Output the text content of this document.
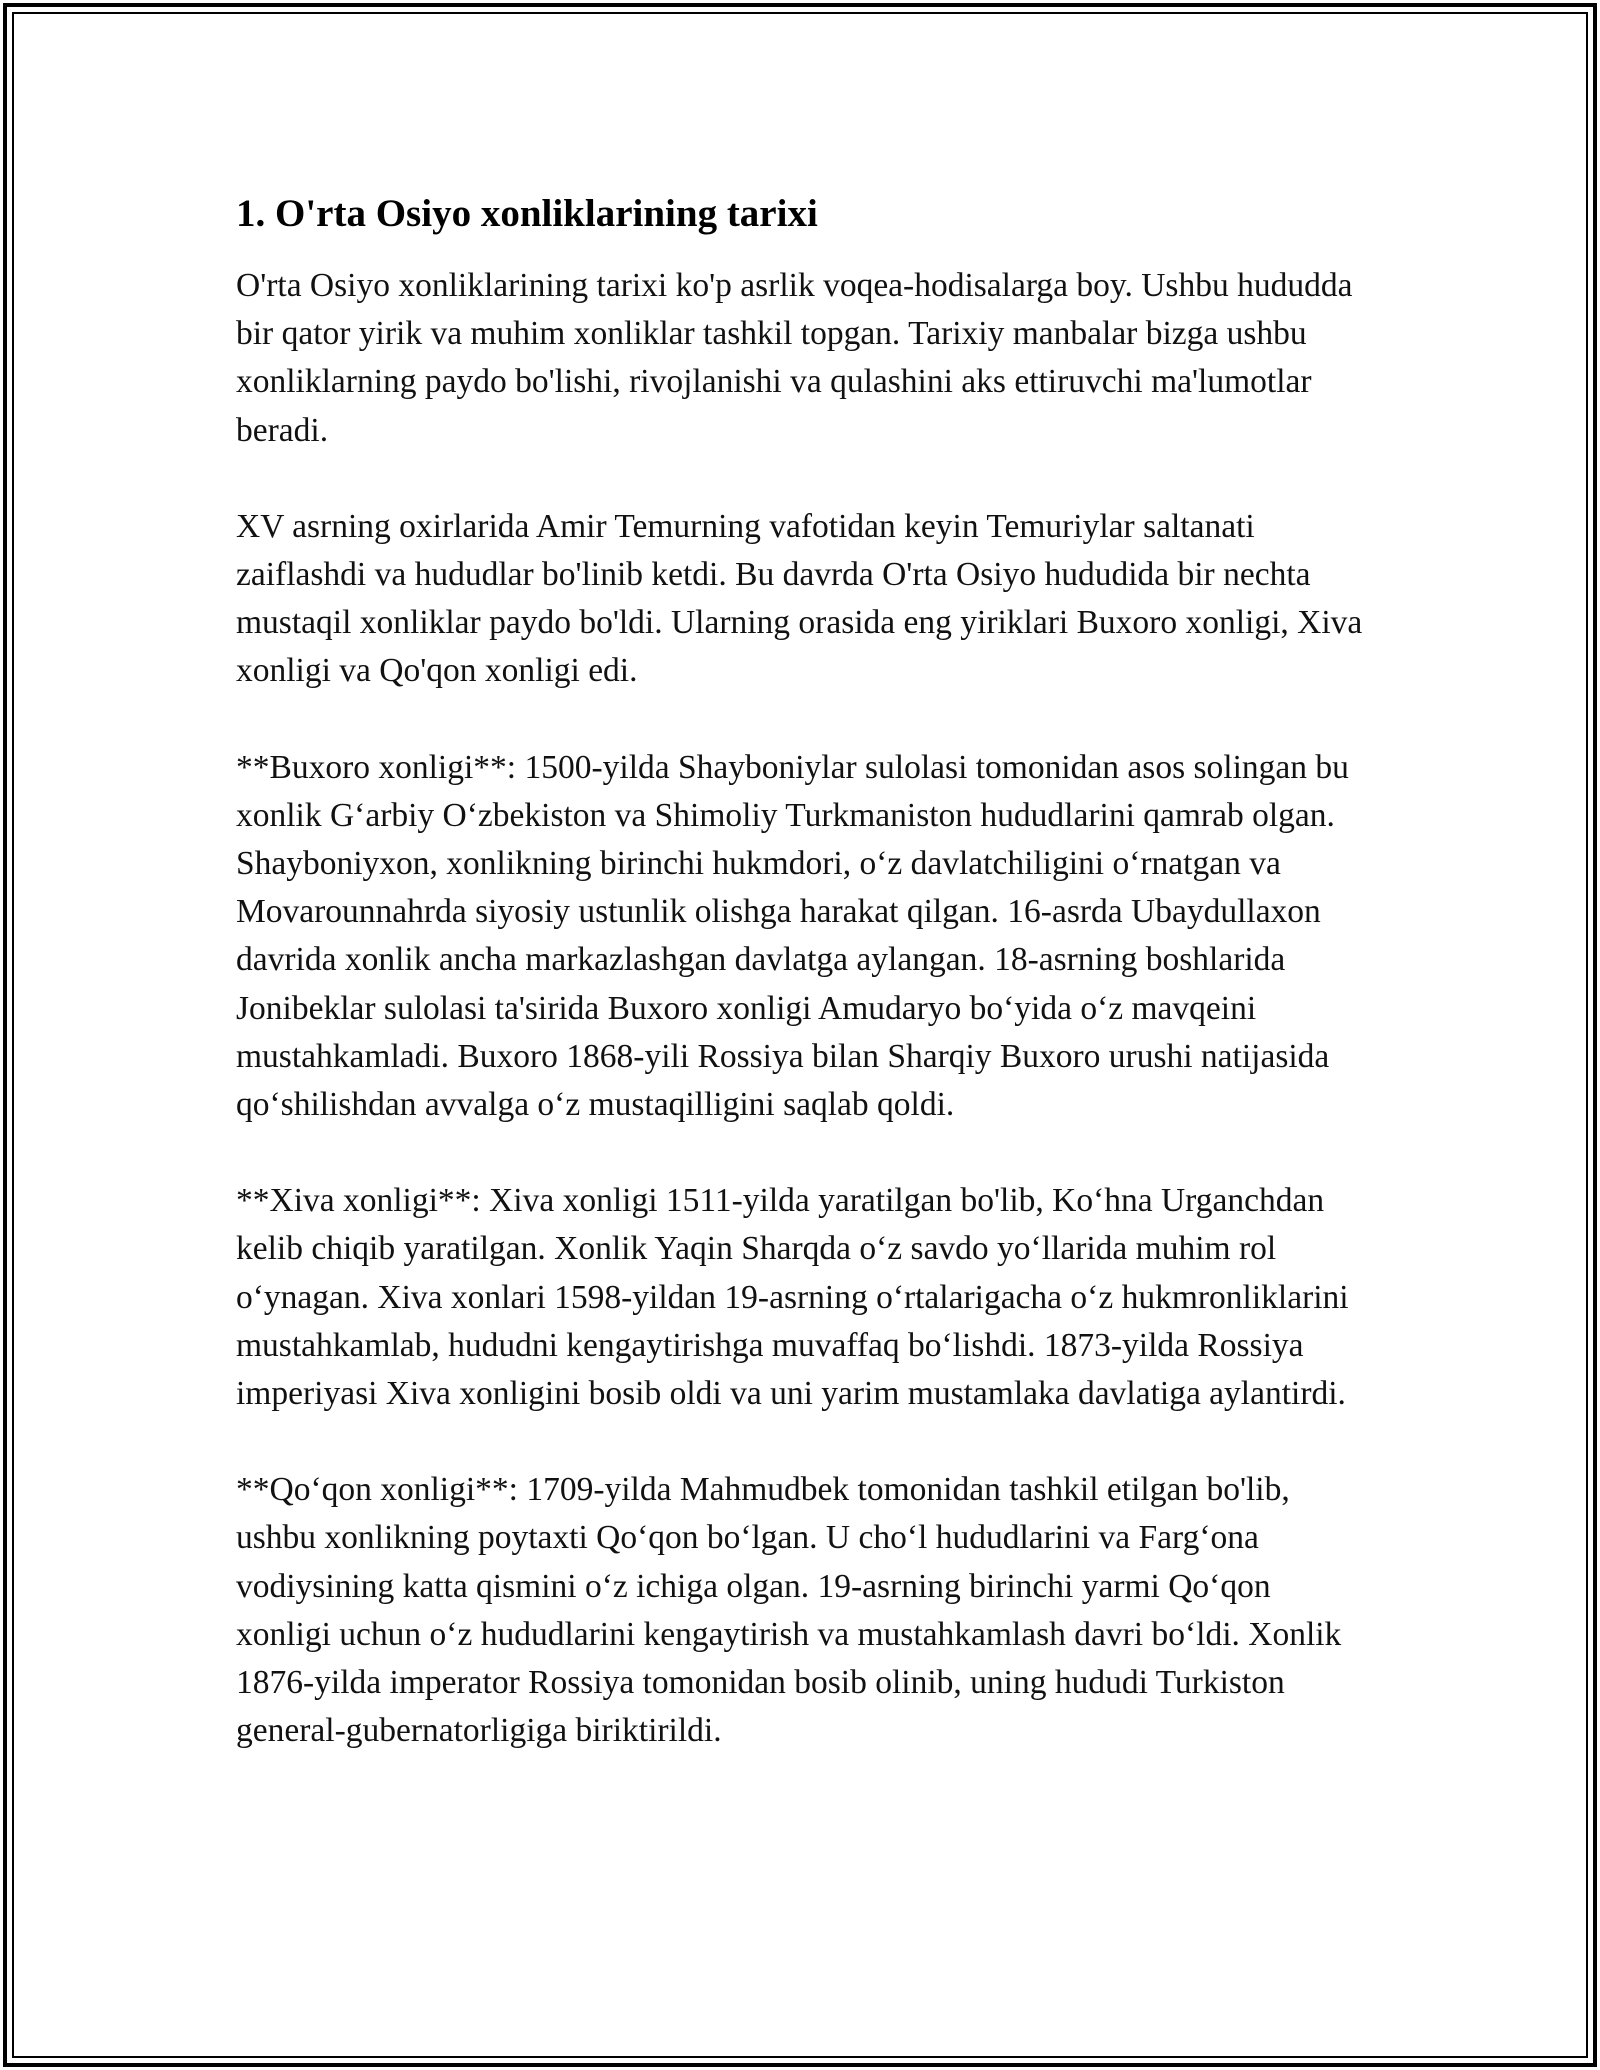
1. O'rta Osiyo xonliklarining tarixi

O'rta Osiyo xonliklarining tarixi ko'p asrlik voqea-hodisalarga boy. Ushbu hududda bir qator yirik va muhim xonliklar tashkil topgan. Tarixiy manbalar bizga ushbu xonliklarning paydo bo'lishi, rivojlanishi va qulashini aks ettiruvchi ma'lumotlar beradi.

XV asrning oxirlarida Amir Temurning vafotidan keyin Temuriylar saltanati zaiflashdi va hududlar bo'linib ketdi. Bu davrda O'rta Osiyo hududida bir nechta mustaqil xonliklar paydo bo'ldi. Ularning orasida eng yiriklari Buxoro xonligi, Xiva xonligi va Qo'qon xonligi edi.

**Buxoro xonligi**: 1500-yilda Shayboniylar sulolasi tomonidan asos solingan bu xonlik G‘arbiy O‘zbekiston va Shimoliy Turkmaniston hududlarini qamrab olgan. Shayboniyxon, xonlikning birinchi hukmdori, o‘z davlatchiligini o‘rnatgan va Movarounnahrda siyosiy ustunlik olishga harakat qilgan. 16-asrda Ubaydullaxon davrida xonlik ancha markazlashgan davlatga aylangan. 18-asrning boshlarida Jonibeklar sulolasi ta'sirida Buxoro xonligi Amudaryo bo‘yida o‘z mavqeini mustahkamladi. Buxoro 1868-yili Rossiya bilan Sharqiy Buxoro urushi natijasida qo‘shilishdan avvalga o‘z mustaqilligini saqlab qoldi.

**Xiva xonligi**: Xiva xonligi 1511-yilda yaratilgan bo'lib, Ko‘hna Urganchdan kelib chiqib yaratilgan. Xonlik Yaqin Sharqda o‘z savdo yo‘llarida muhim rol o‘ynagan. Xiva xonlari 1598-yildan 19-asrning o‘rtalarigacha o‘z hukmronliklarini mustahkamlab, hududni kengaytirishga muvaffaq bo‘lishdi. 1873-yilda Rossiya imperiyasi Xiva xonligini bosib oldi va uni yarim mustamlaka davlatiga aylantirdi.

**Qo‘qon xonligi**: 1709-yilda Mahmudbek tomonidan tashkil etilgan bo'lib, ushbu xonlikning poytaxti Qo‘qon bo‘lgan. U cho‘l hududlarini va Farg‘ona vodiysining katta qismini o‘z ichiga olgan. 19-asrning birinchi yarmi Qo‘qon xonligi uchun o‘z hududlarini kengaytirish va mustahkamlash davri bo‘ldi. Xonlik 1876-yilda imperator Rossiya tomonidan bosib olinib, uning hududi Turkiston general-gubernatorligiga biriktirildi.
